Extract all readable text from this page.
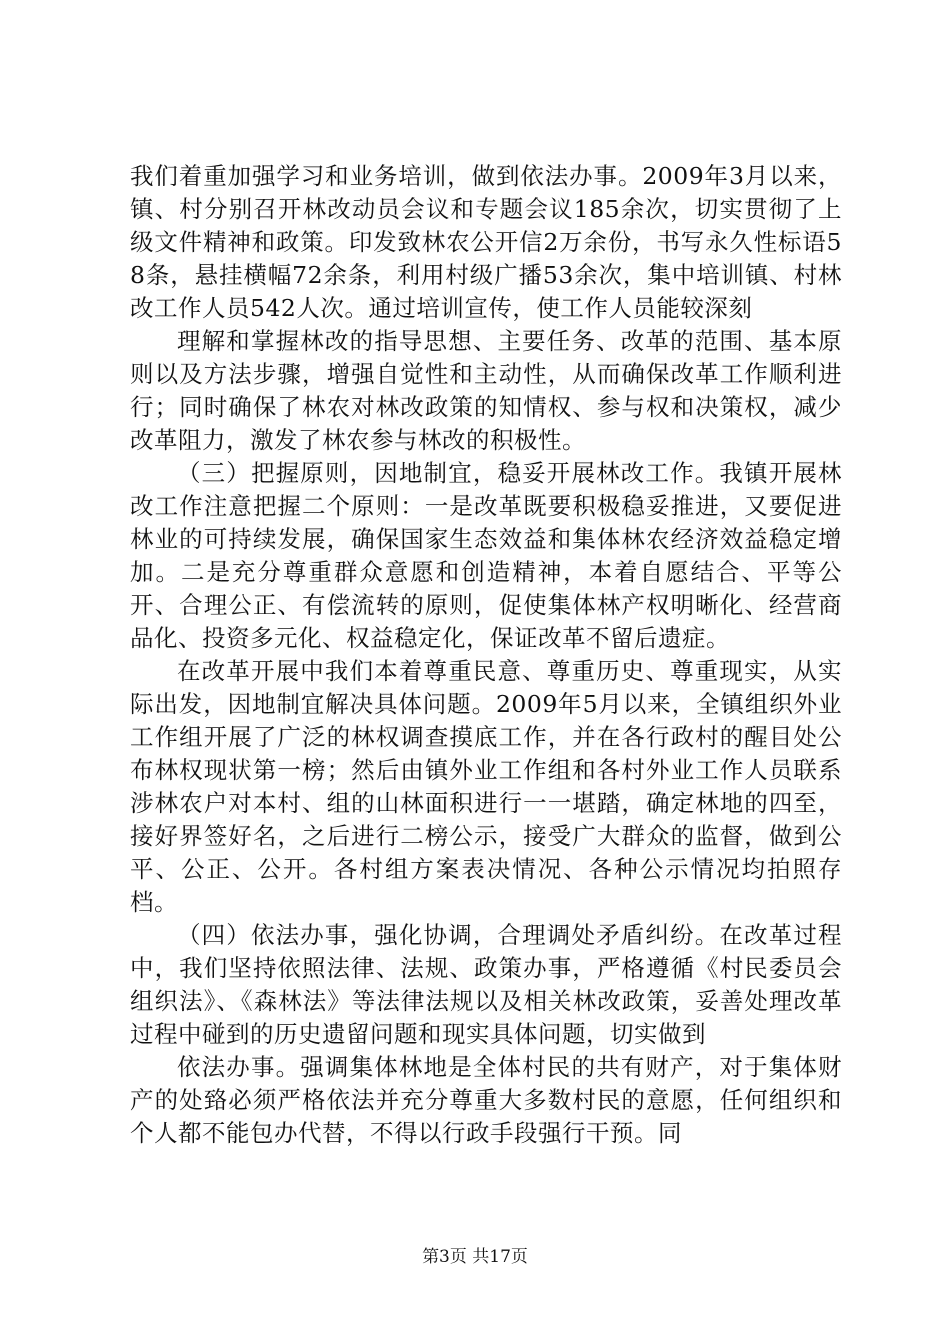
我们着重加强学习和业务培训，做到依法办事。2009年3月以来，镇、村分别召开林改动员会议和专题会议185余次，切实贯彻了上级文件精神和政策。印发致林农公开信2万余份，书写永久性标语58条，悬挂横幅72余条，利用村级广播53余次，集中培训镇、村林改工作人员542人次。通过培训宣传，使工作人员能较深刻

理解和掌握林改的指导思想、主要任务、改革的范围、基本原则以及方法步骤，增强自觉性和主动性，从而确保改革工作顺利进行；同时确保了林农对林改政策的知情权、参与权和决策权，减少改革阻力，激发了林农参与林改的积极性。

（三）把握原则，因地制宜，稳妥开展林改工作。我镇开展林改工作注意把握二个原则：一是改革既要积极稳妥推进，又要促进林业的可持续发展，确保国家生态效益和集体林农经济效益稳定增加。二是充分尊重群众意愿和创造精神，本着自愿结合、平等公开、合理公正、有偿流转的原则，促使集体林产权明晰化、经营商品化、投资多元化、权益稳定化，保证改革不留后遗症。

在改革开展中我们本着尊重民意、尊重历史、尊重现实，从实际出发，因地制宜解决具体问题。2009年5月以来，全镇组织外业工作组开展了广泛的林权调查摸底工作，并在各行政村的醒目处公布林权现状第一榜；然后由镇外业工作组和各村外业工作人员联系涉林农户对本村、组的山林面积进行一一堪踏，确定林地的四至，接好界签好名，之后进行二榜公示，接受广大群众的监督，做到公平、公正、公开。各村组方案表决情况、各种公示情况均拍照存档。

（四）依法办事，强化协调，合理调处矛盾纠纷。在改革过程中，我们坚持依照法律、法规、政策办事，严格遵循《村民委员会组织法》、《森林法》等法律法规以及相关林改政策，妥善处理改革过程中碰到的历史遗留问题和现实具体问题，切实做到

依法办事。强调集体林地是全体村民的共有财产，对于集体财产的处臵必须严格依法并充分尊重大多数村民的意愿，任何组织和个人都不能包办代替，不得以行政手段强行干预。同

第3页 共17页
